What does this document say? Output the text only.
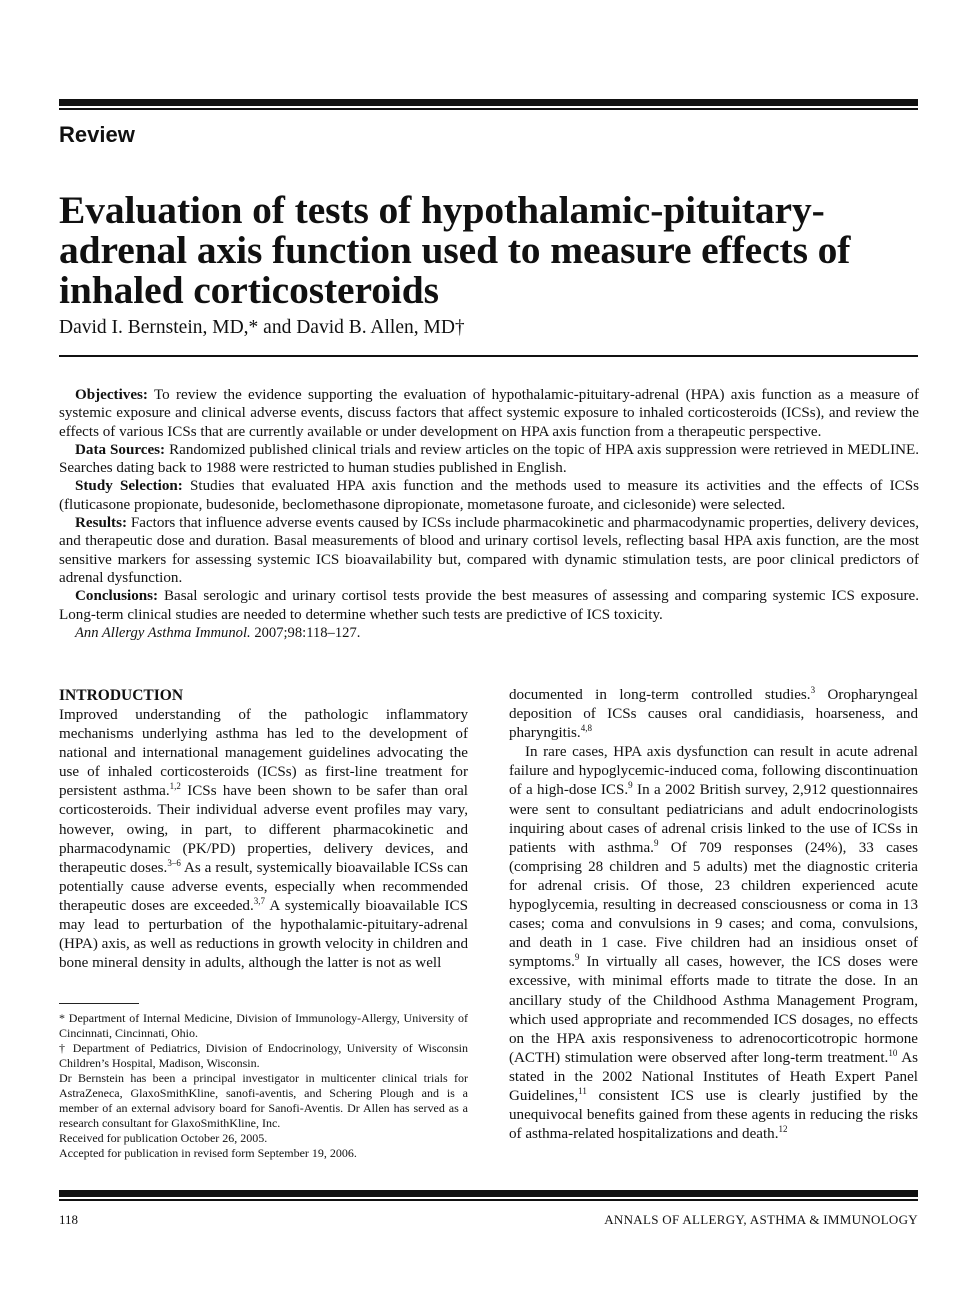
Review
Evaluation of tests of hypothalamic-pituitary-adrenal axis function used to measure effects of inhaled corticosteroids

David I. Bernstein, MD,* and David B. Allen, MD†

Objectives: To review the evidence supporting the evaluation of hypothalamic-pituitary-adrenal (HPA) axis function as a measure of systemic exposure and clinical adverse events, discuss factors that affect systemic exposure to inhaled corticosteroids (ICSs), and review the effects of various ICSs that are currently available or under development on HPA axis function from a therapeutic perspective.

Data Sources: Randomized published clinical trials and review articles on the topic of HPA axis suppression were retrieved in MEDLINE. Searches dating back to 1988 were restricted to human studies published in English.

Study Selection: Studies that evaluated HPA axis function and the methods used to measure its activities and the effects of ICSs (fluticasone propionate, budesonide, beclomethasone dipropionate, mometasone furoate, and ciclesonide) were selected.

Results: Factors that influence adverse events caused by ICSs include pharmacokinetic and pharmacodynamic properties, delivery devices, and therapeutic dose and duration. Basal measurements of blood and urinary cortisol levels, reflecting basal HPA axis function, are the most sensitive markers for assessing systemic ICS bioavailability but, compared with dynamic stimulation tests, are poor clinical predictors of adrenal dysfunction.

Conclusions: Basal serologic and urinary cortisol tests provide the best measures of assessing and comparing systemic ICS exposure. Long-term clinical studies are needed to determine whether such tests are predictive of ICS toxicity.

Ann Allergy Asthma Immunol. 2007;98:118–127.

INTRODUCTION

Improved understanding of the pathologic inflammatory mechanisms underlying asthma has led to the development of national and international management guidelines advocating the use of inhaled corticosteroids (ICSs) as first-line treatment for persistent asthma.$^{1,2}$ ICSs have been shown to be safer than oral corticosteroids. Their individual adverse event profiles may vary, however, owing, in part, to different pharmacokinetic and pharmacodynamic (PK/PD) properties, delivery devices, and therapeutic doses.$^{3-6}$ As a result, systemically bioavailable ICSs can potentially cause adverse events, especially when recommended therapeutic doses are exceeded.$^{3,7}$ A systemically bioavailable ICS may lead to perturbation of the hypothalamic-pituitary-adrenal (HPA) axis, as well as reductions in growth velocity in children and bone mineral density in adults, although the latter is not as well

* Department of Internal Medicine, Division of Immunology-Allergy, University of Cincinnati, Cincinnati, Ohio.

† Department of Pediatrics, Division of Endocrinology, University of Wisconsin Children’s Hospital, Madison, Wisconsin.

Dr Bernstein has been a principal investigator in multicenter clinical trials for AstraZeneca, GlaxoSmithKline, sanofi-aventis, and Schering Plough and is a member of an external advisory board for Sanofi-Aventis. Dr Allen has served as a research consultant for GlaxoSmithKline, Inc.

Received for publication October 26, 2005.

Accepted for publication in revised form September 19, 2006.

documented in long-term controlled studies.$^3$ Oropharyngeal deposition of ICSs causes oral candidiasis, hoarseness, and pharyngitis.$^{4,8}$

In rare cases, HPA axis dysfunction can result in acute adrenal failure and hypoglycemic-induced coma, following discontinuation of a high-dose ICS.$^9$ In a 2002 British survey, 2,912 questionnaires were sent to consultant pediatricians and adult endocrinologists inquiring about cases of adrenal crisis linked to the use of ICSs in patients with asthma.$^9$ Of 709 responses (24%), 33 cases (comprising 28 children and 5 adults) met the diagnostic criteria for adrenal crisis. Of those, 23 children experienced acute hypoglycemia, resulting in decreased consciousness or coma in 13 cases; coma and convulsions in 9 cases; and coma, convulsions, and death in 1 case. Five children had an insidious onset of symptoms.$^9$ In virtually all cases, however, the ICS doses were excessive, with minimal efforts made to titrate the dose. In an ancillary study of the Childhood Asthma Management Program, which used appropriate and recommended ICS dosages, no effects on the HPA axis responsiveness to adrenocorticotropic hormone (ACTH) stimulation were observed after long-term treatment.$^{10}$ As stated in the 2002 National Institutes of Heath Expert Panel Guidelines,$^{11}$ consistent ICS use is clearly justified by the unequivocal benefits gained from these agents in reducing the risks of asthma-related hospitalizations and death.$^{12}$

118	ANNALS OF ALLERGY, ASTHMA & IMMUNOLOGY
